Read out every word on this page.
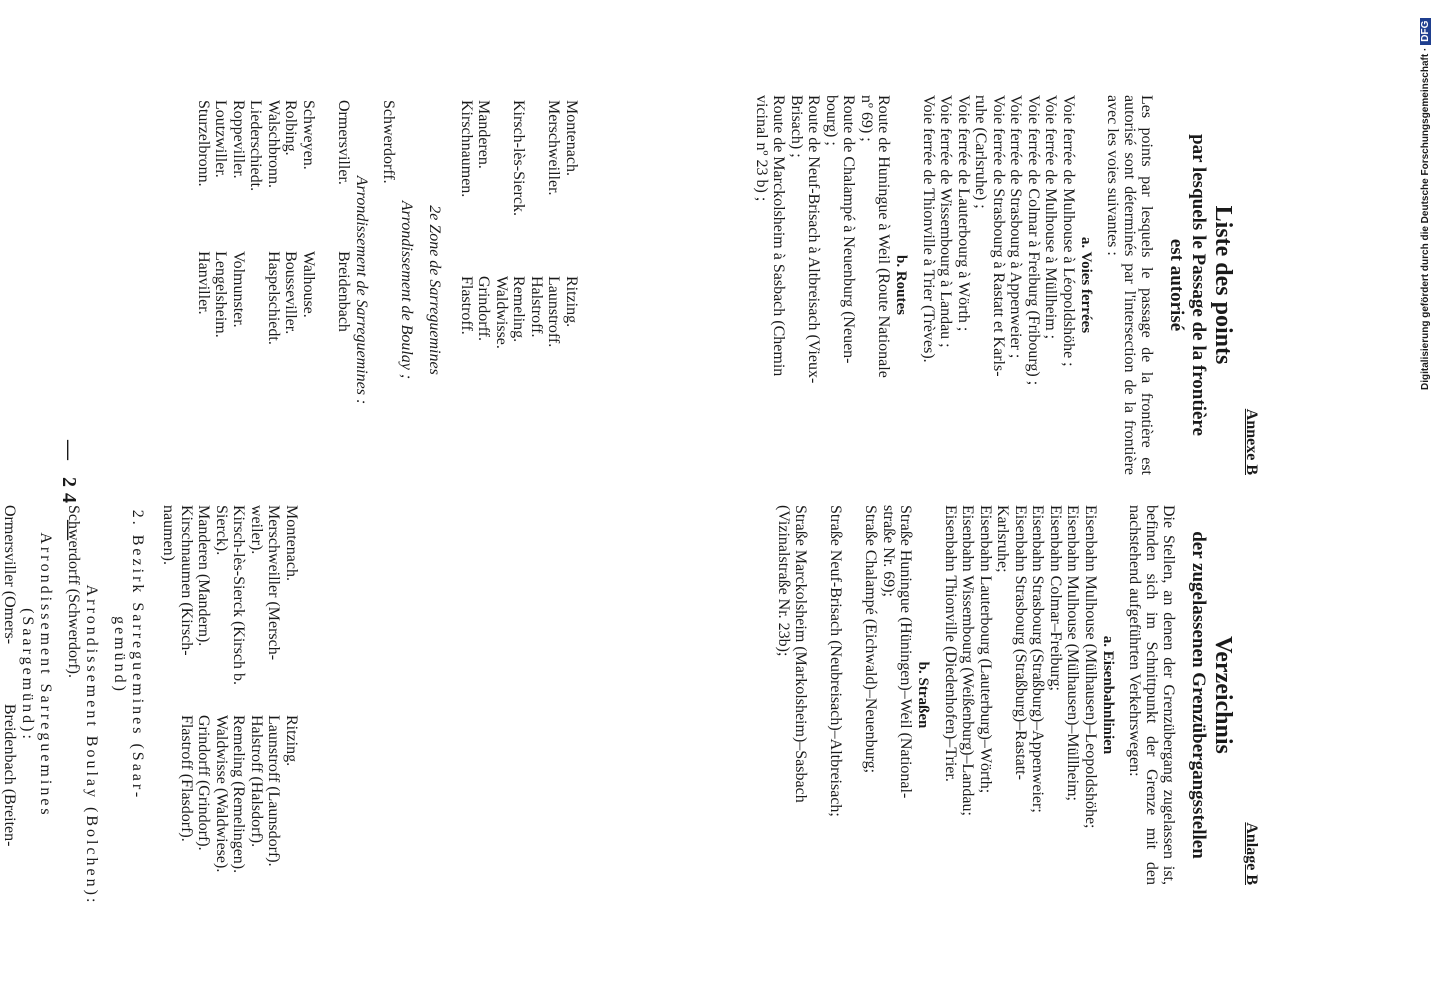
— 24 —	Montenach.
Merschweiller (Mersch-
weiler).
Kirsch-lès-Sierck (Kirsch b.
Sierck).
Manderen (Mandern).
Kirschnaumen (Kirsch-
naumen).
Ritzing.
Launstroff (Launsdorf).
Halstroff (Halsdorf).
Remeling (Remelingen).
Waldwisse (Waldwiese).
Grindorff (Grindorf).
Flastroff (Flasdorf).
2. Bezirk Sarreguemines (Saar-gemünd)
Arrondissement Boulay (Bolchen):
Schwerdorff (Schwerdorf).
Arrondissement Sarreguemines (Saargemünd):
Ormersviller (Omers-
Breidenbach (Breiten-
Montenach.
Merschweiller.

Kirsch-lès-Sierck.

Manderen.
Kirschnaumen.
Ritzing.
Launstroff.
Halstroff.
Remeling.
Waldwisse.
Grindorff.
Flastroff.
2e Zone de Sarreguemines
Arrondissement de Boulay ;
Schwerdorff.
Arrondissement de Sarreguemines :
Ormersviller.

Schweyen.
Rolbing.
Walschbronn.
Liederschiedt.
Roppeviller.
Loutzwiller.
Sturzelbronn.
Breidenbach

Walhouse.
Bousseviller.
Haspelschiedt.

Volmunster.
Lengelsheim.
Hanviller.
Anlage B
Verzeichnis
der zugelassenen Grenzübergangsstellen
Die Stellen, an denen der Grenzübergang zugelassen ist, befinden sich im Schnittpunkt der Grenze mit den nachstehend aufgeführten Verkehrswegen:
a. Eisenbahnlinien
Eisenbahn Mulhouse (Mülhausen)–Leopoldshöhe;
Eisenbahn Mulhouse (Mülhausen)–Müllheim;
Eisenbahn Colmar–Freiburg;
Eisenbahn Strasbourg (Straßburg)–Appenweier;
Eisenbahn Strasbourg (Straßburg)–Rastatt-
Karlsruhe;
Eisenbahn Lauterbourg (Lauterburg)–Wörth;
Eisenbahn Wissembourg (Weißenburg)–Landau;
Eisenbahn Thionville (Diedenhofen)–Trier.
b. Straßen
Straße Huningue (Hüningen)–Weil (National-
straße Nr. 69);
Straße Chalampé (Eichwald)–Neuenburg;

Straße Neuf-Brisach (Neubreisach)–Altbreisach;

Straße Marckolsheim (Markolsheim)–Sasbach
(Vizinalstraße Nr. 23b);
Annexe B
Liste des points
par lesquels le Passage de la frontière
est autorisé
Les points par lesquels le passage de la frontière est autorisé sont déterminés par l'intersection de la frontière avec les voies suivantes :
a. Voies ferrées
Voie ferrée de Mulhouse à Léopoldshöhe ;
Voie ferrée de Mulhouse à Müllheim ;
Voie ferrée de Colmar à Freiburg (Fribourg) ;
Voie ferrée de Strasbourg à Appenweier ;
Voie ferrée de Strasbourg à Rastatt et Karls-
ruhe (Carlsruhe) ;
Voie ferrée de Lauterbourg à Wörth ;
Voie ferrée de Wissembourg à Landau ;
Voie ferrée de Thionville à Trier (Trèves).
b. Routes
Route de Huningue à Weil (Route Nationale
nº 69) ;
Route de Chalampé à Neuenburg (Neuen-
bourg) ;
Route de Neuf-Brisach à Altbreisach (Vieux-
Brisach) ;
Route de Marckolsheim à Sasbach (Chemin
vicinal nº 23 b) ;	Digitalisierung gefördert durch die Deutsche Forschungsgemeinschaft ·DFG
